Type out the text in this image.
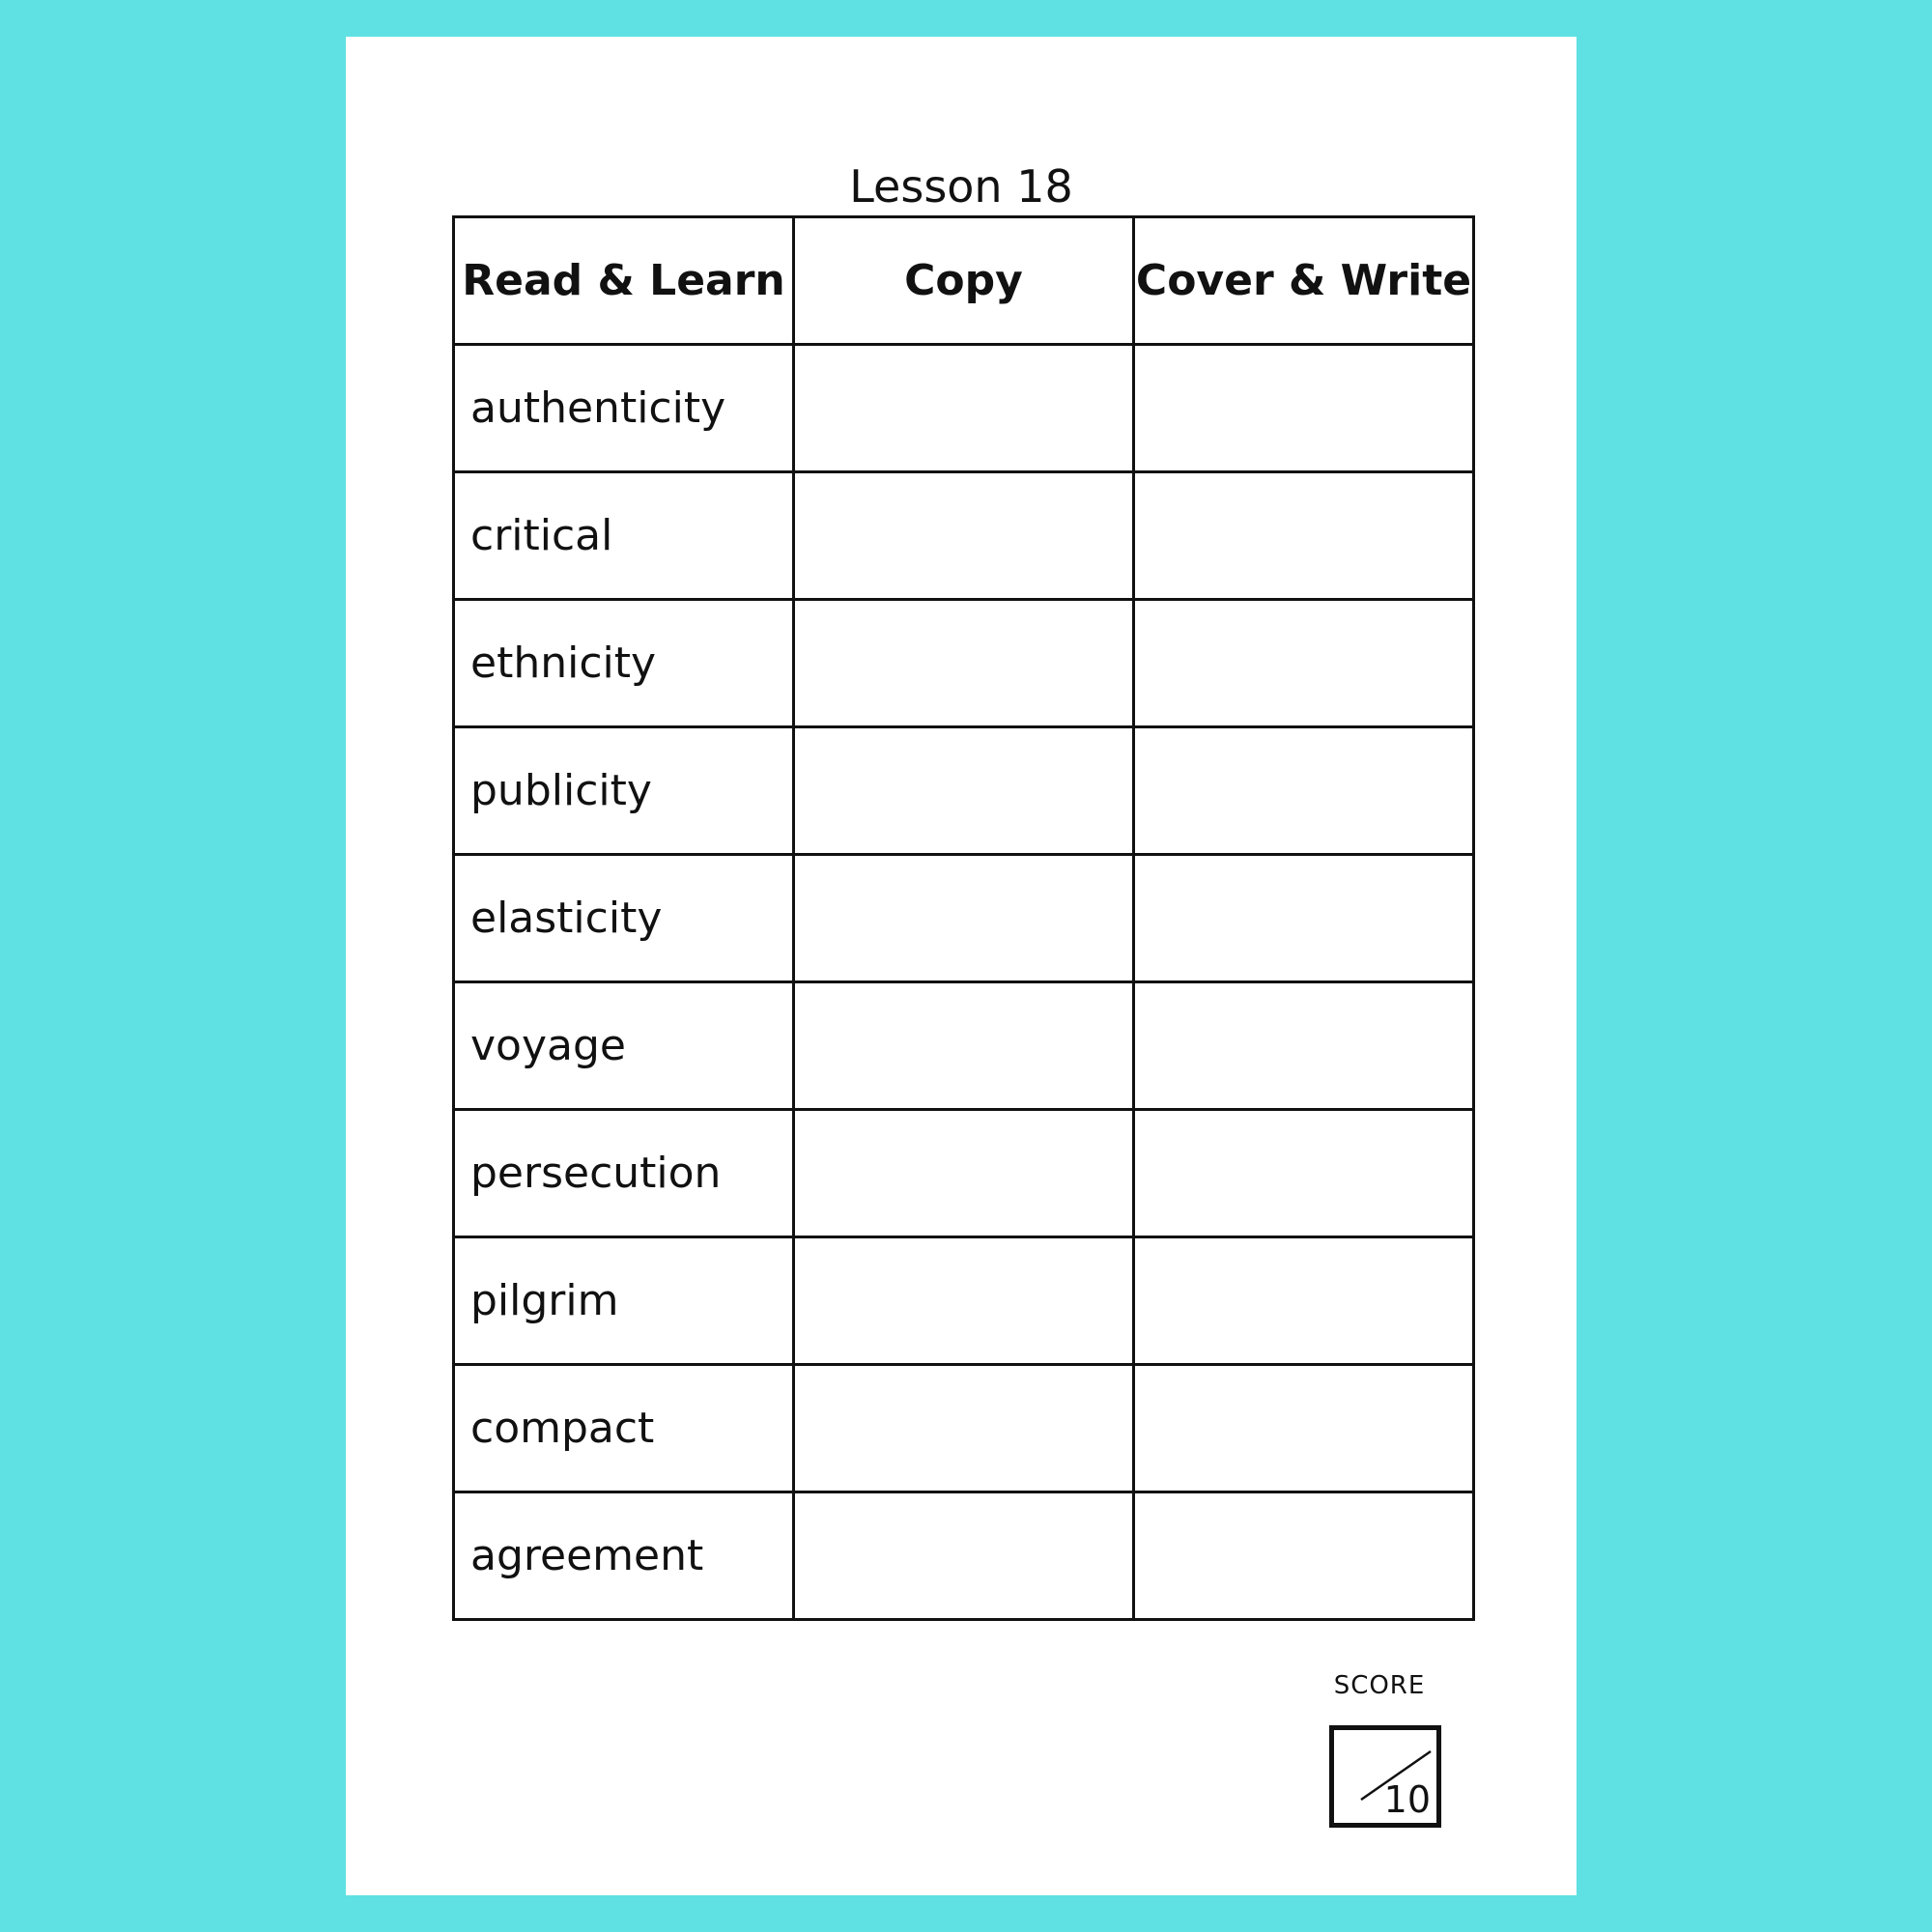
Lesson 18
Read & Learn	Copy	Cover & Write
authenticity		
critical		
ethnicity		
publicity		
elasticity		
voyage		
persecution		
pilgrim		
compact		
agreement		
SCORE
10
